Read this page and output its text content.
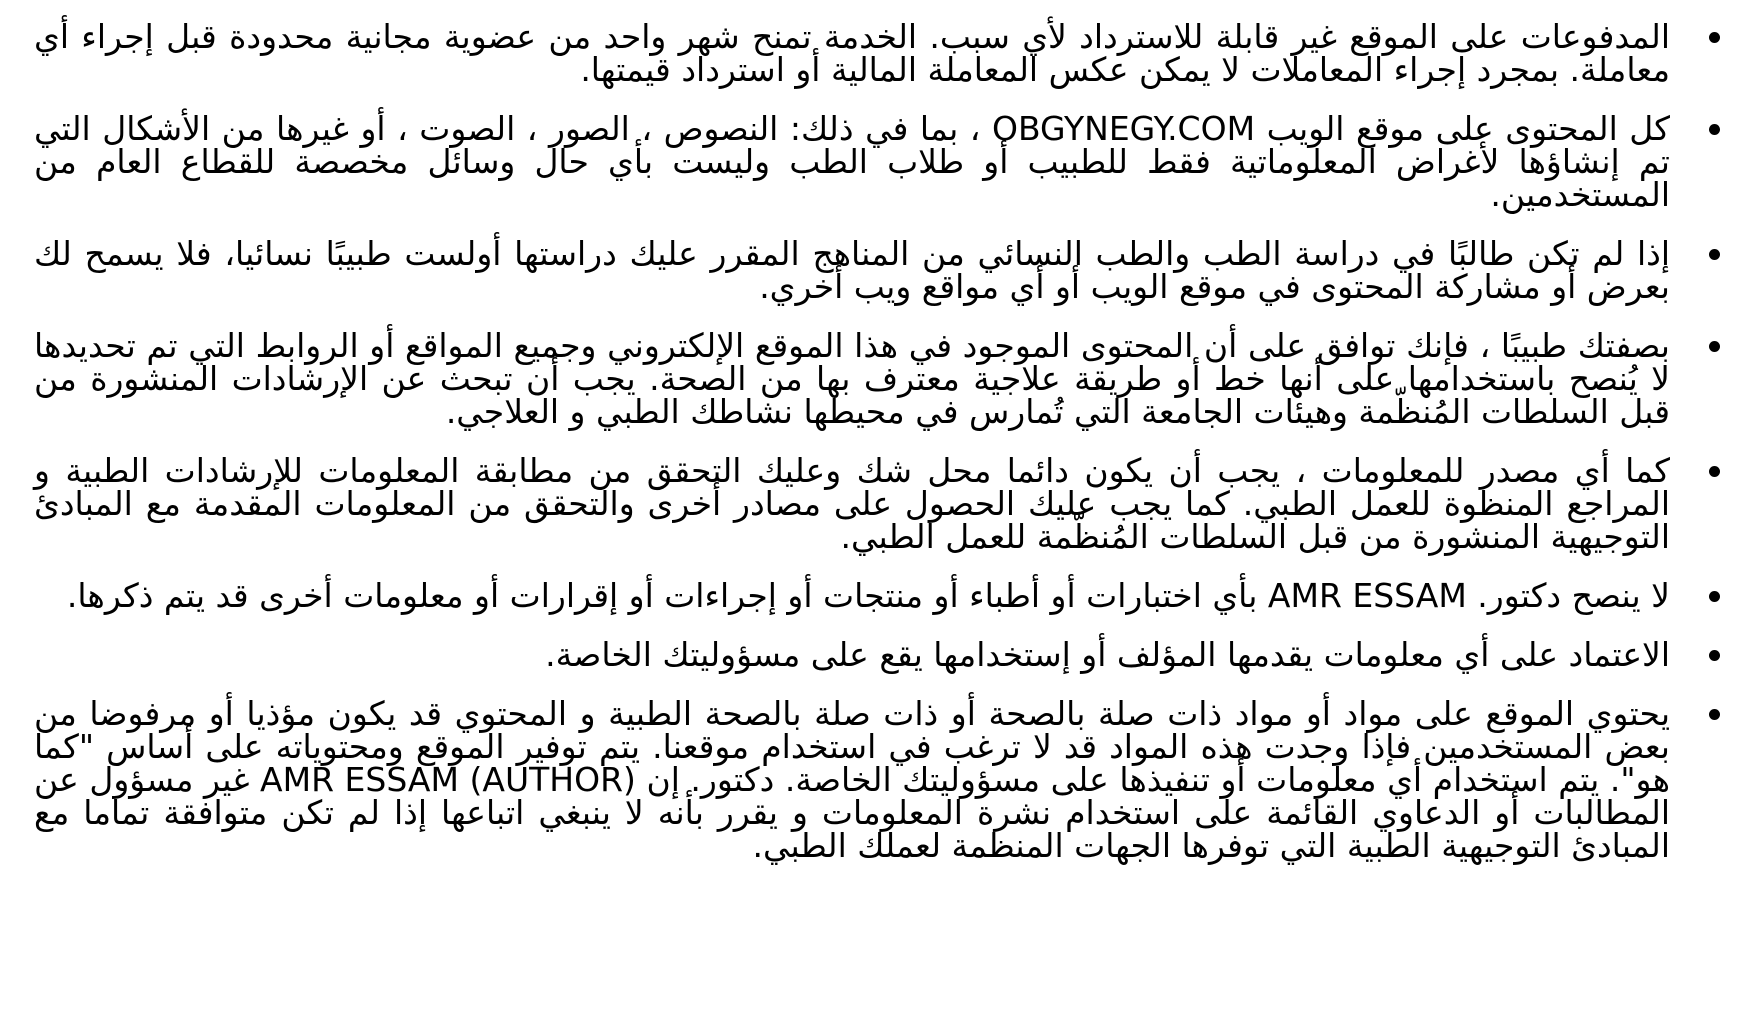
المدفوعات على الموقع غير قابلة للاسترداد لأي سبب. الخدمة تمنح شهر واحد من عضوية مجانية محدودة قبل إجراء أي معاملة. بمجرد إجراء المعاملات لا يمكن عكس المعاملة المالية أو استرداد قيمتها.
كل المحتوى على موقع الويب OBGYNEGY.COM ، بما في ذلك: النصوص ، الصور ، الصوت ، أو غيرها من الأشكال التي تم إنشاؤها لأغراض المعلوماتية فقط للطبيب أو طلاب الطب وليست بأي حال وسائل مخصصة للقطاع العام من المستخدمين.
إذا لم تكن طالبًا في دراسة الطب والطب النسائي من المناهج المقرر عليك دراستها أولست طبيبًا نسائيا، فلا يسمح لك بعرض أو مشاركة المحتوى في موقع الويب أو أي مواقع ويب أخري.
بصفتك طبيبًا ، فإنك توافق على أن المحتوى الموجود في هذا الموقع الإلكتروني وجميع المواقع أو الروابط التي تم تحديدها لا يُنصح باستخدامها على أنها خط أو طريقة علاجية معترف بها من الصحة. يجب أن تبحث عن الإرشادات المنشورة من قبل السلطات المُنظّمة وهيئات الجامعة التي تُمارس في محيطها نشاطك الطبي و العلاجي.
كما أي مصدر للمعلومات ، يجب أن يكون دائما محل شك وعليك التحقق من مطابقة المعلومات للإرشادات الطبية و المراجع المنظوة للعمل الطبي. كما يجب عليك الحصول على مصادر أخرى والتحقق من المعلومات المقدمة مع المبادئ التوجيهية المنشورة من قبل السلطات المُنظّمة للعمل الطبي.
لا ينصح دكتور. AMR ESSAM بأي اختبارات أو أطباء أو منتجات أو إجراءات أو إقرارات أو معلومات أخرى قد يتم ذكرها.
الاعتماد على أي معلومات يقدمها المؤلف أو إستخدامها يقع على مسؤوليتك الخاصة.
يحتوي الموقع على مواد أو مواد ذات صلة بالصحة أو ذات صلة بالصحة الطبية و المحتوي قد يكون مؤذيا أو مرفوضا من بعض المستخدمين فإذا وجدت هذه المواد قد لا ترغب في استخدام موقعنا. يتم توفير الموقع ومحتوياته على أساس "كما هو". يتم استخدام أي معلومات أو تنفيذها على مسؤوليتك الخاصة. دكتور. إن AMR ESSAM (AUTHOR) غير مسؤول عن المطالبات أو الدعاوي القائمة على استخدام نشرة المعلومات و يقرر بأنه لا ينبغي اتباعها إذا لم تكن متوافقة تماما مع المبادئ التوجيهية الطبية التي توفرها الجهات المنظمة لعملك الطبي.
